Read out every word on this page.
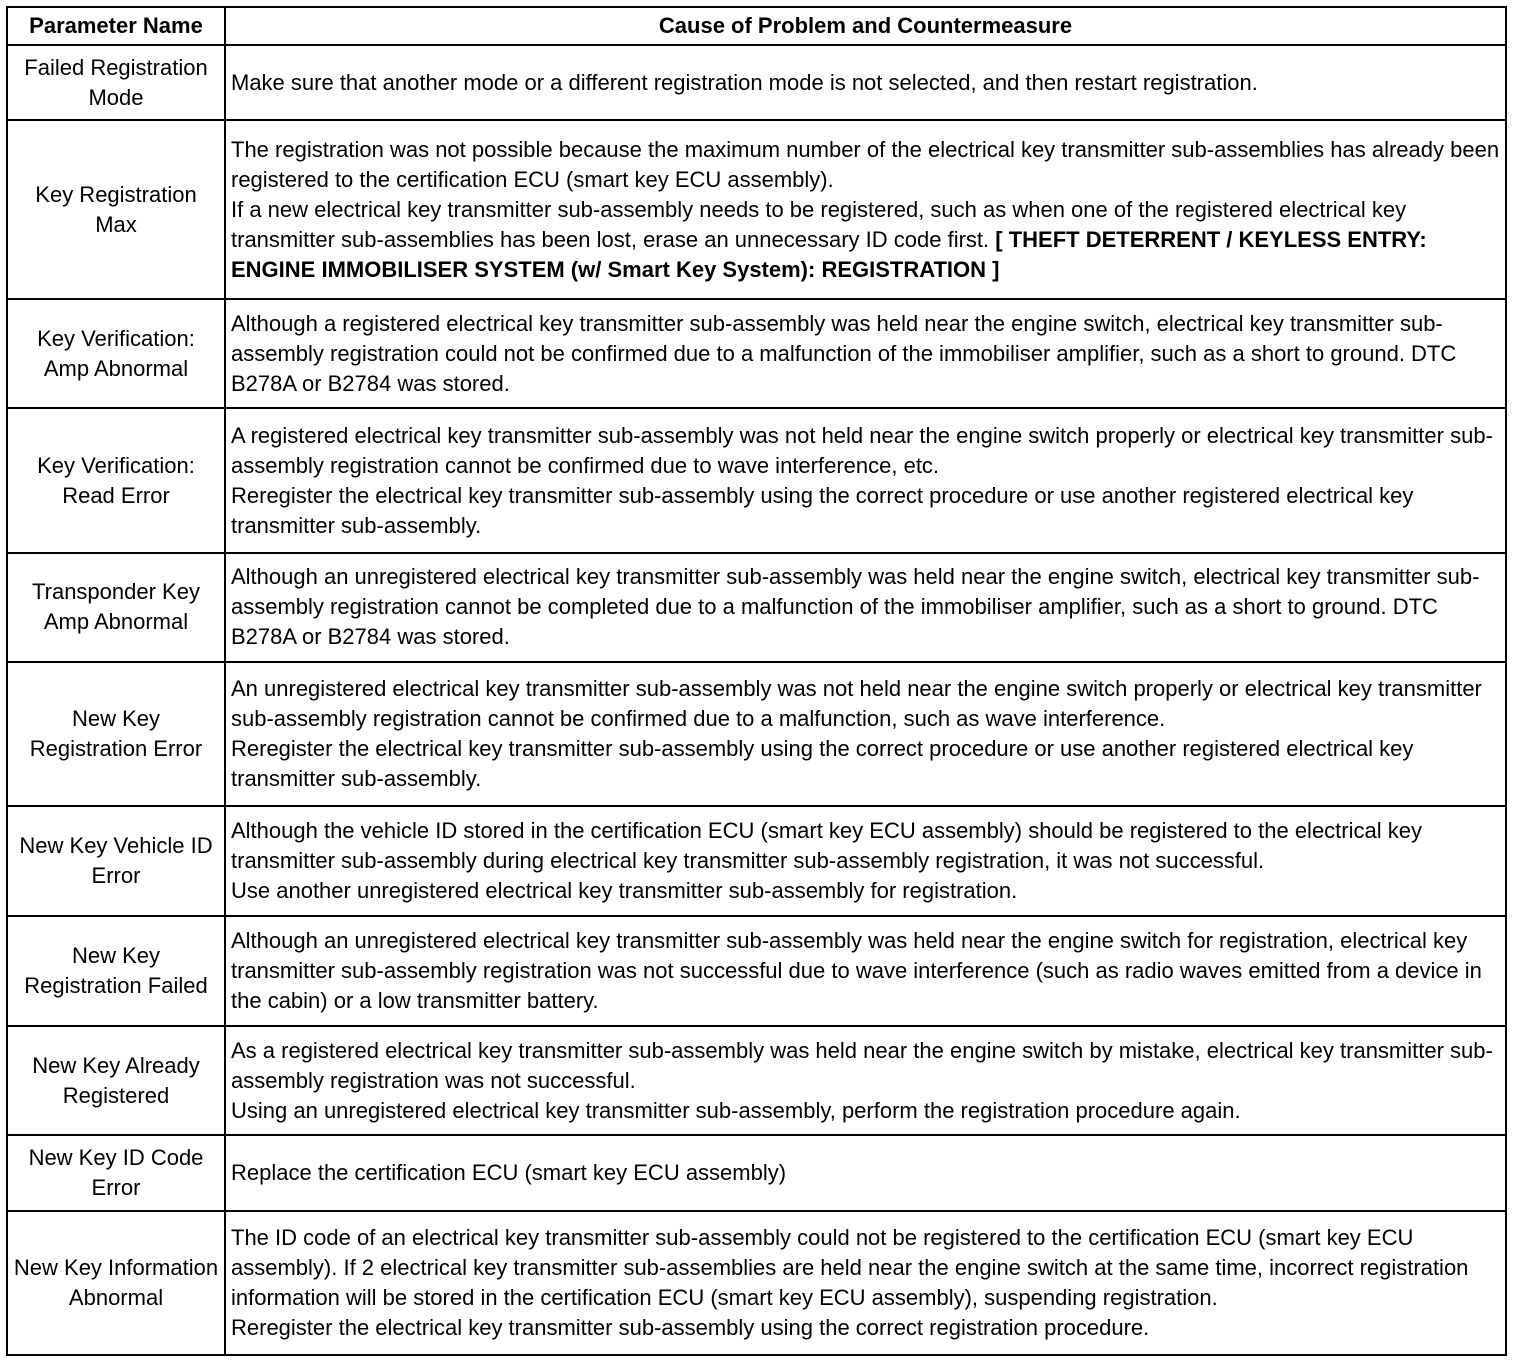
Parameter Name	Cause of Problem and Countermeasure
Failed Registration Mode	Make sure that another mode or a different registration mode is not selected, and then restart registration.

Key Registration Max	The registration was not possible because the maximum number of the electrical key transmitter sub-assemblies has already been registered to the certification ECU (smart key ECU assembly).
If a new electrical key transmitter sub-assembly needs to be registered, such as when one of the registered electrical key transmitter sub-assemblies has been lost, erase an unnecessary ID code first. [ THEFT DETERRENT / KEYLESS ENTRY: ENGINE IMMOBILISER SYSTEM (w/ Smart Key System): REGISTRATION ]
Key Verification: Amp Abnormal	Although a registered electrical key transmitter sub-assembly was held near the engine switch, electrical key transmitter sub-assembly registration could not be confirmed due to a malfunction of the immobiliser amplifier, such as a short to ground. DTC B278A or B2784 was stored.

Key Verification: Read Error	A registered electrical key transmitter sub-assembly was not held near the engine switch properly or electrical key transmitter sub-assembly registration cannot be confirmed due to wave interference, etc.
Reregister the electrical key transmitter sub-assembly using the correct procedure or use another registered electrical key transmitter sub-assembly.

Transponder Key Amp Abnormal	Although an unregistered electrical key transmitter sub-assembly was held near the engine switch, electrical key transmitter sub-assembly registration cannot be completed due to a malfunction of the immobiliser amplifier, such as a short to ground. DTC B278A or B2784 was stored.

New Key Registration Error	An unregistered electrical key transmitter sub-assembly was not held near the engine switch properly or electrical key transmitter sub-assembly registration cannot be confirmed due to a malfunction, such as wave interference.
Reregister the electrical key transmitter sub-assembly using the correct procedure or use another registered electrical key transmitter sub-assembly.

New Key Vehicle ID Error	Although the vehicle ID stored in the certification ECU (smart key ECU assembly) should be registered to the electrical key transmitter sub-assembly during electrical key transmitter sub-assembly registration, it was not successful.
Use another unregistered electrical key transmitter sub-assembly for registration.

New Key Registration Failed	Although an unregistered electrical key transmitter sub-assembly was held near the engine switch for registration, electrical key transmitter sub-assembly registration was not successful due to wave interference (such as radio waves emitted from a device in the cabin) or a low transmitter battery.

New Key Already Registered	As a registered electrical key transmitter sub-assembly was held near the engine switch by mistake, electrical key transmitter sub-assembly registration was not successful.
Using an unregistered electrical key transmitter sub-assembly, perform the registration procedure again.

New Key ID Code Error	Replace the certification ECU (smart key ECU assembly)

New Key Information Abnormal	The ID code of an electrical key transmitter sub-assembly could not be registered to the certification ECU (smart key ECU assembly). If 2 electrical key transmitter sub-assemblies are held near the engine switch at the same time, incorrect registration information will be stored in the certification ECU (smart key ECU assembly), suspending registration.
Reregister the electrical key transmitter sub-assembly using the correct registration procedure.
